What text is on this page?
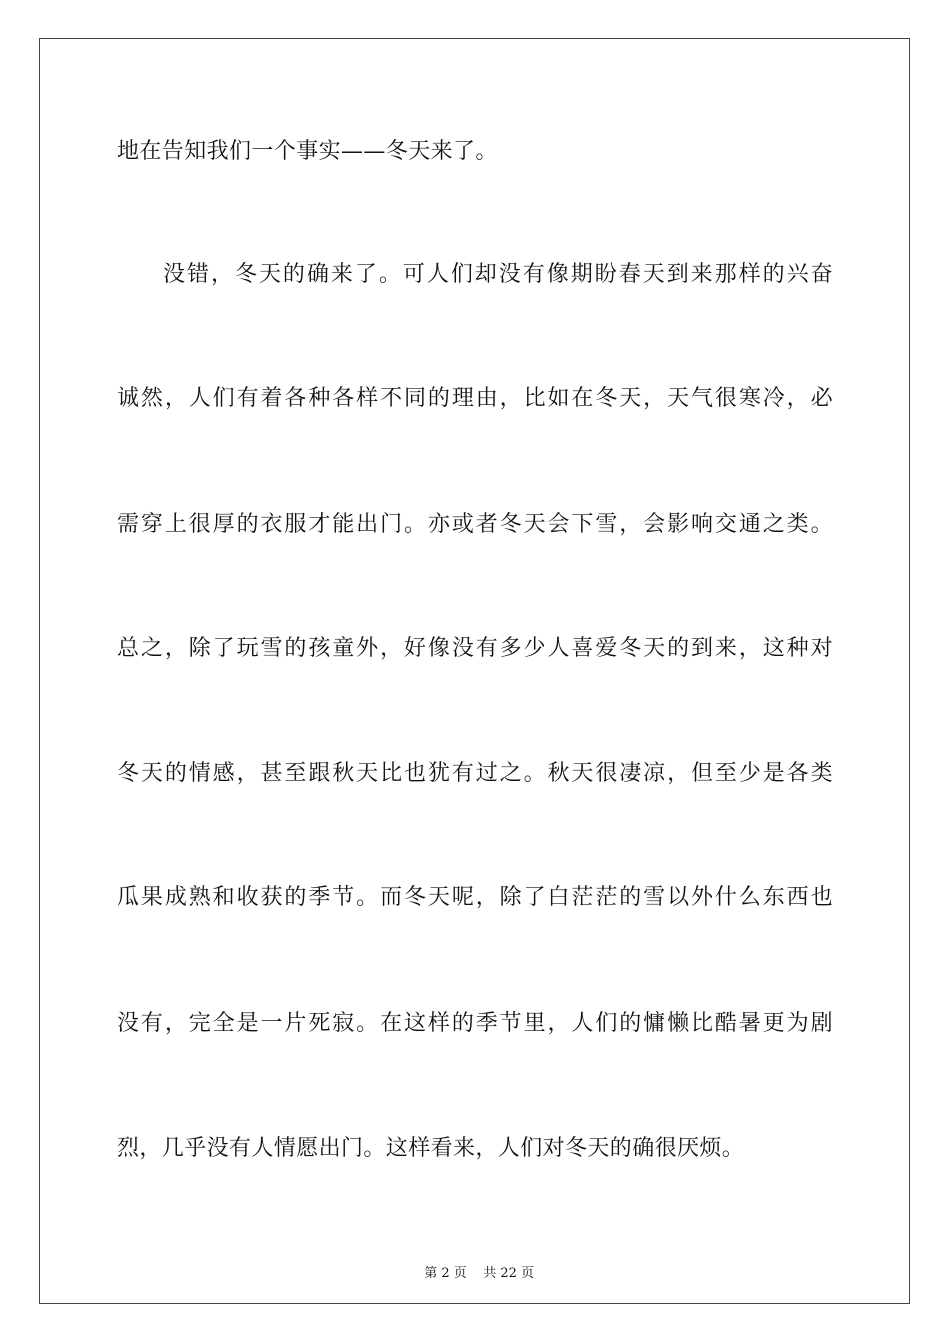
地在告知我们一个事实——冬天来了。
没错，冬天的确来了。可人们却没有像期盼春天到来那样的兴奋
诚然，人们有着各种各样不同的理由，比如在冬天，天气很寒冷，必
需穿上很厚的衣服才能出门。亦或者冬天会下雪，会影响交通之类。
总之，除了玩雪的孩童外，好像没有多少人喜爱冬天的到来，这种对
冬天的情感，甚至跟秋天比也犹有过之。秋天很凄凉，但至少是各类
瓜果成熟和收获的季节。而冬天呢，除了白茫茫的雪以外什么东西也
没有，完全是一片死寂。在这样的季节里，人们的慵懒比酷暑更为剧
烈，几乎没有人情愿出门。这样看来，人们对冬天的确很厌烦。

第 2 页    共 22 页
